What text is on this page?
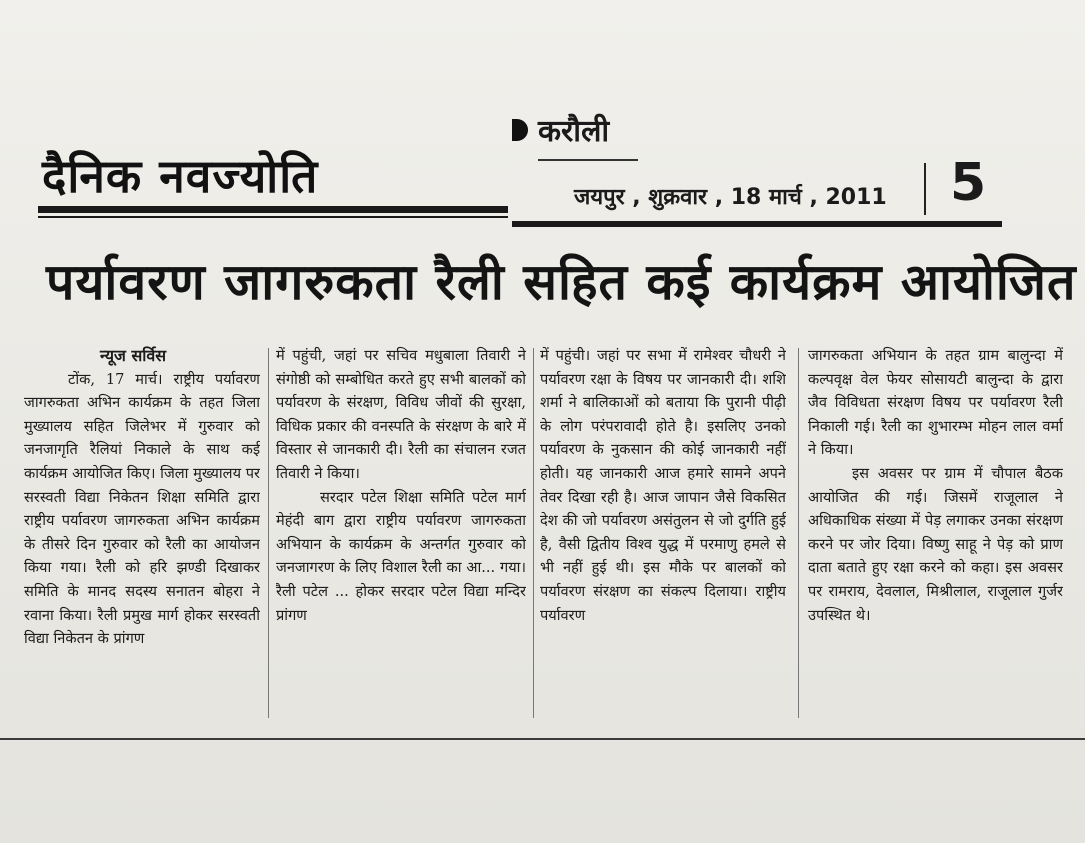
दैनिक नवज्योति
करौली
जयपुर , शुक्रवार , 18 मार्च , 2011 5
पर्यावरण जागरुकता रैली सहित कई कार्यक्रम आयोजित
न्यूज सर्विस
टोंक, 17 मार्च। राष्ट्रीय पर्यावरण जागरुकता अभिन कार्यक्रम के तहत जिला मुख्यालय सहित जिलेभर में गुरुवार को जनजागृति रैलियां निकाले के साथ कई कार्यक्रम आयोजित किए। जिला मुख्यालय पर सरस्वती विद्या निकेतन शिक्षा समिति द्वारा राष्ट्रीय पर्यावरण जागरुकता अभिन कार्यक्रम के तीसरे दिन गुरुवार को रैली का आयोजन किया गया। रैली को हरि झण्डी दिखाकर समिति के मानद सदस्य सनातन बोहरा ने रवाना किया। रैली प्रमुख मार्ग होकर सरस्वती विद्या निकेतन के प्रांगण
में पहुंची, जहां पर सचिव मधुबाला तिवारी ने संगोष्ठी को सम्बोधित करते हुए सभी बालकों को पर्यावरण के संरक्षण, विविध जीवों की सुरक्षा, विधिक प्रकार की वनस्पति के संरक्षण के बारे में विस्तार से जानकारी दी। रैली का संचालन रजत तिवारी ने किया।
सरदार पटेल शिक्षा समिति पटेल मार्ग मेहंदी बाग द्वारा राष्ट्रीय पर्यावरण जागरुकता अभियान के कार्यक्रम के अन्तर्गत गुरुवार को जनजागरण के लिए विशाल रैली का आ... गया। रैली पटेल ... होकर सरदार पटेल विद्या मन्दिर प्रांगण
में पहुंची। जहां पर सभा में रामेश्वर चौधरी ने पर्यावरण रक्षा के विषय पर जानकारी दी। शशि शर्मा ने बालिकाओं को बताया कि पुरानी पीढ़ी के लोग परंपरावादी होते है। इसलिए उनको पर्यावरण के नुकसान की कोई जानकारी नहीं होती। यह जानकारी आज हमारे सामने अपने तेवर दिखा रही है। आज जापान जैसे विकसित देश की जो पर्यावरण असंतुलन से जो दुर्गति हुई है, वैसी द्वितीय विश्व युद्ध में परमाणु हमले से भी नहीं हुई थी। इस मौके पर बालकों को पर्यावरण संरक्षण का संकल्प दिलाया। राष्ट्रीय पर्यावरण
जागरुकता अभियान के तहत ग्राम बालुन्दा में कल्पवृक्ष वेल फेयर सोसायटी बालुन्दा के द्वारा जैव विविधता संरक्षण विषय पर पर्यावरण रैली निकाली गई। रैली का शुभारम्भ मोहन लाल वर्मा ने किया।
इस अवसर पर ग्राम में चौपाल बैठक आयोजित की गई। जिसमें राजूलाल ने अधिकाधिक संख्या में पेड़ लगाकर उनका संरक्षण करने पर जोर दिया। विष्णु साहू ने पेड़ को प्राण दाता बताते हुए रक्षा करने को कहा। इस अवसर पर रामराय, देवलाल, मिश्रीलाल, राजूलाल गुर्जर उपस्थित थे।
